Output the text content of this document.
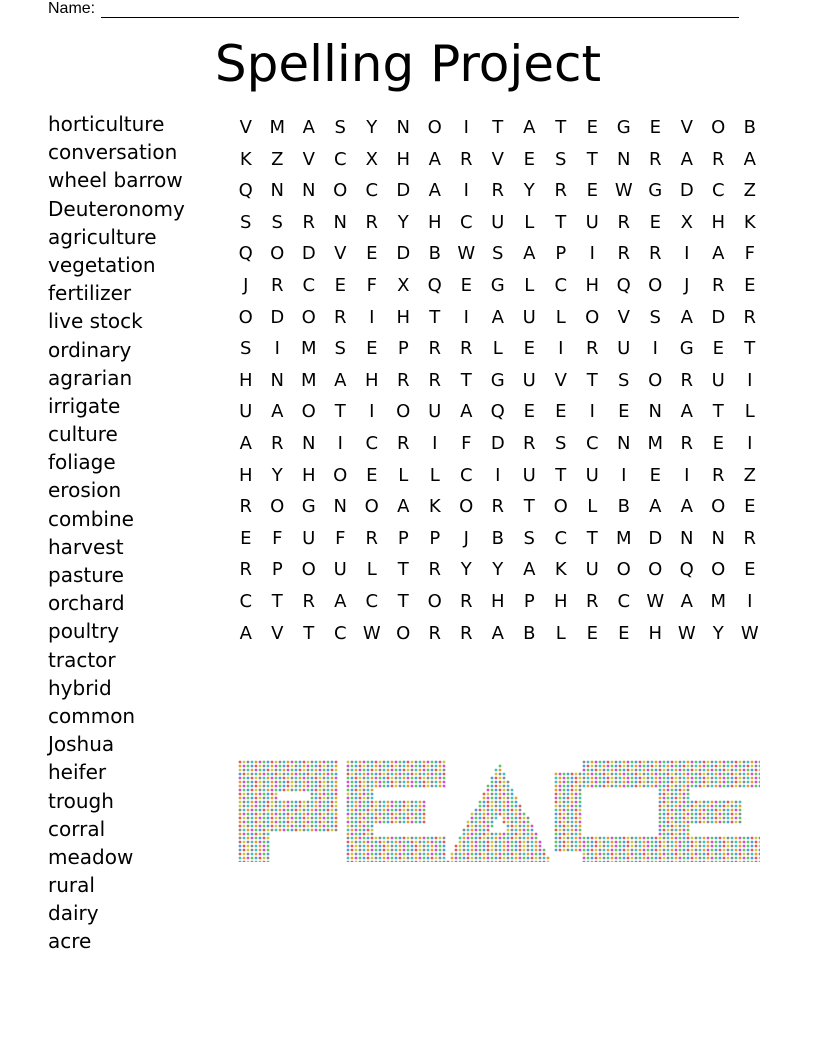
Name:
Spelling Project
horticulture
conversation
wheel barrow
Deuteronomy
agriculture
vegetation
fertilizer
live stock
ordinary
agrarian
irrigate
culture
foliage
erosion
combine
harvest
pasture
orchard
poultry
tractor
hybrid
common
Joshua
heifer
trough
corral
meadow
rural
dairy
acre
V M A	S	Y	N O	I	T	A	T	E	G	E	V	O	B
K	Z	V	C	X	H	A	R	V	E	S	T	N	R	A	R	A
Q N	N O	C	D	A	I	R	Y	R	E W G D	C	Z
S	S	R	N	R	Y	H	C	U	L	T	U	R	E	X	H	K
Q O D	V	E	D	B W S	A	P	I	R	R	I	A	F
J	R	C	E	F	X	Q	E	G	L	C	H Q O	J	R	E
O D O	R	I	H	T	I	A	U	L	O	V	S	A	D	R
S	I	M	S	E	P	R	R	L	E	I	R	U	I	G	E	T
H	N M A	H	R	R	T	G U	V	T	S	O	R	U	I
U	A	O	T	I	O U	A	Q	E	E	I	E	N	A	T	L
A	R	N	I	C	R	I	F	D	R	S	C	N M R	E	I
H	Y	H O	E	L	L	C	I	U	T	U	I	E	I	R	Z
R	O G N O	A	K	O	R	T	O	L	B	A	A	O	E
E	F	U	F	R	P	P	J	B	S	C	T	M D N	N	R
R	P	O U	L	T	R	Y	Y	A	K	U O O Q O	E
C	T	R	A	C	T	O	R	H	P	H	R	C W A M	I
A	V	T	C W O	R	R	A	B	L	E	E	H W Y W
